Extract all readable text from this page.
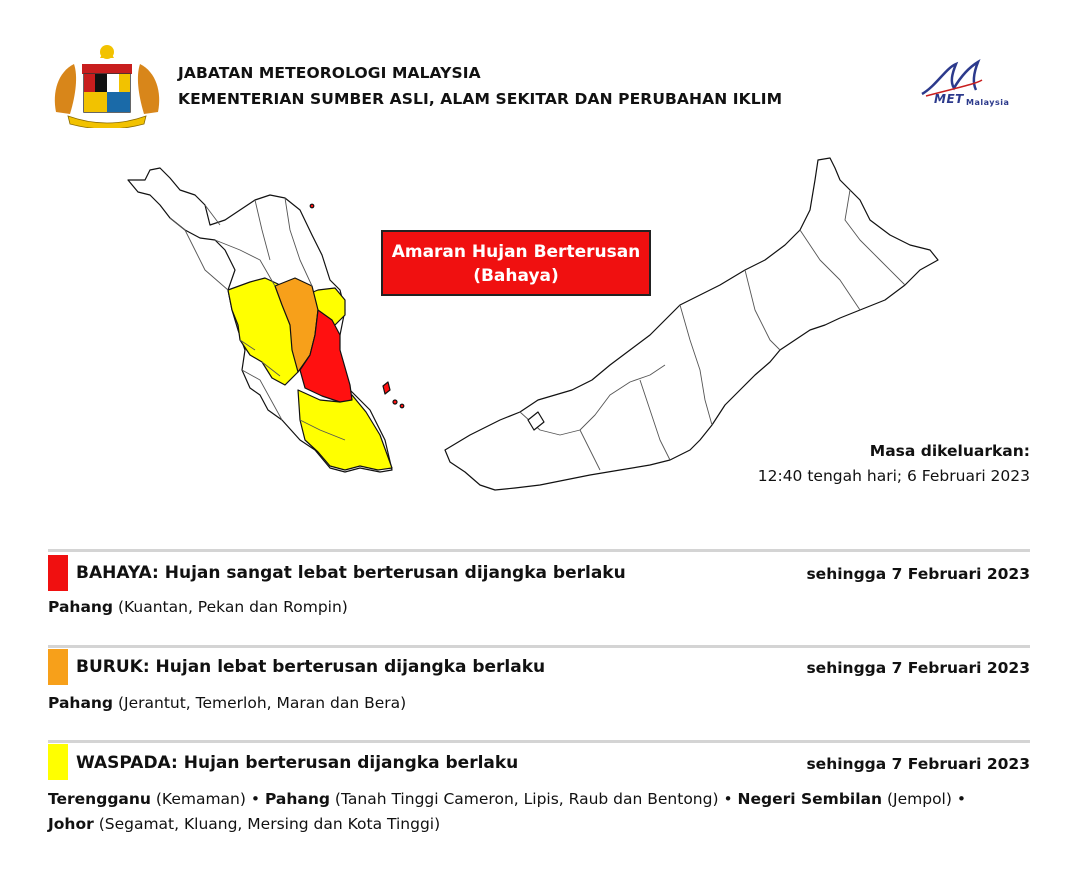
JABATAN METEOROLOGI MALAYSIA
KEMENTERIAN SUMBER ASLI, ALAM SEKITAR DAN PERUBAHAN IKLIM	MET Malaysia
Amaran Hujan Berterusan
(Bahaya)
Masa dikeluarkan:
12:40 tengah hari; 6 Februari 2023
BAHAYA: Hujan sangat lebat berterusan dijangka berlaku	sehingga 7 Februari 2023
Pahang (Kuantan, Pekan dan Rompin)
BURUK: Hujan lebat berterusan dijangka berlaku	sehingga 7 Februari 2023
Pahang (Jerantut, Temerloh, Maran dan Bera)
WASPADA: Hujan berterusan dijangka berlaku	sehingga 7 Februari 2023
Terengganu (Kemaman) • Pahang (Tanah Tinggi Cameron, Lipis, Raub dan Bentong) • Negeri Sembilan (Jempol) •
Johor (Segamat, Kluang, Mersing dan Kota Tinggi)
